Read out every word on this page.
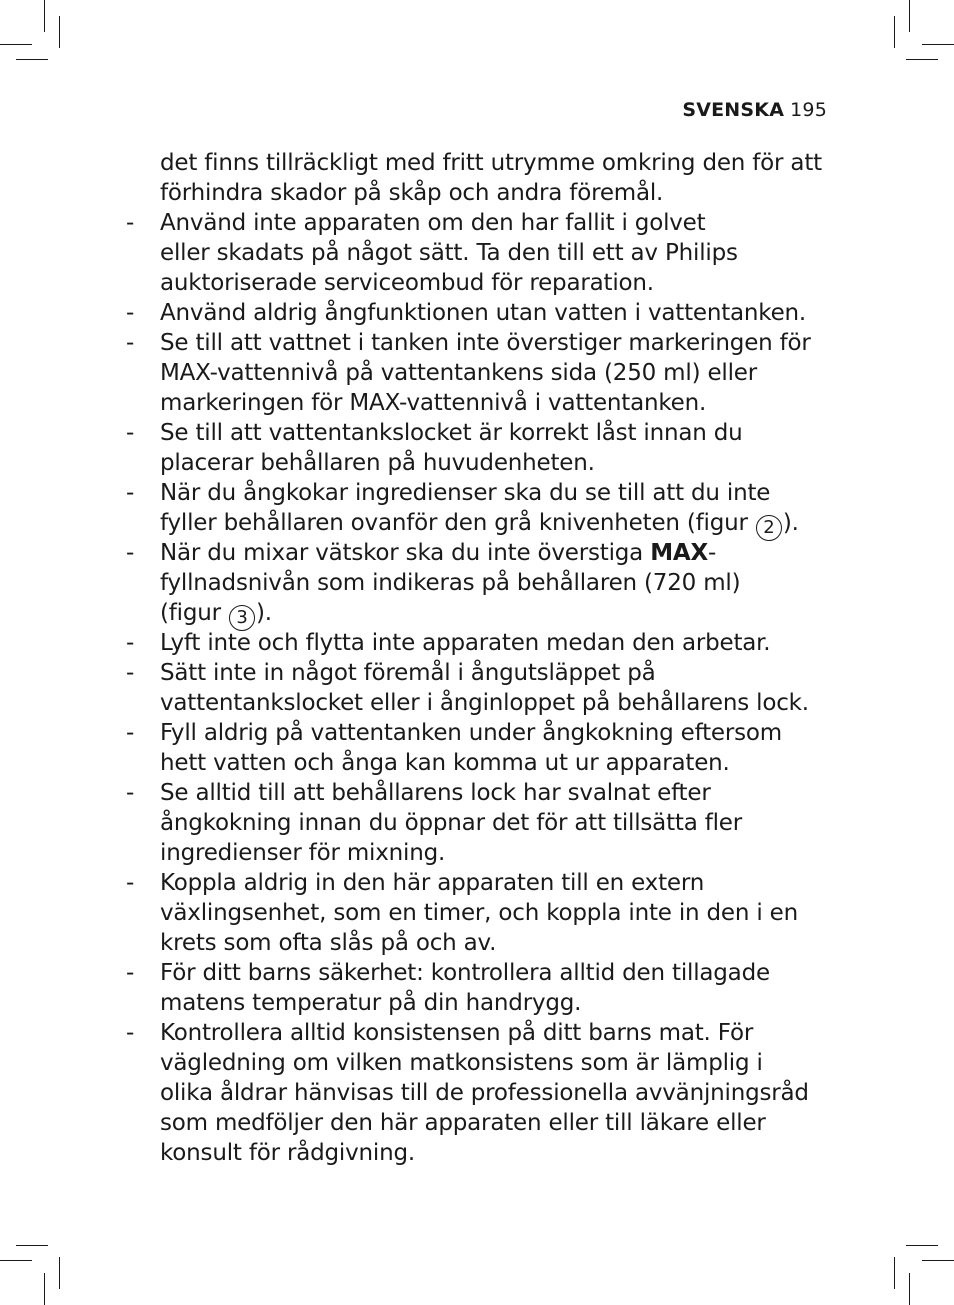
SVENSKA 195
det finns tillräckligt med fritt utrymme omkring den för att
förhindra skador på skåp och andra föremål.
- Använd inte apparaten om den har fallit i golvet
eller skadats på något sätt. Ta den till ett av Philips
auktoriserade serviceombud för reparation.
- Använd aldrig ångfunktionen utan vatten i vattentanken.
- Se till att vattnet i tanken inte överstiger markeringen för
MAX-vattennivå på vattentankens sida (250 ml) eller
markeringen för MAX-vattennivå i vattentanken.
- Se till att vattentankslocket är korrekt låst innan du
placerar behållaren på huvudenheten.
- När du ångkokar ingredienser ska du se till att du inte
fyller behållaren ovanför den grå knivenheten (figur 2 ).
- När du mixar vätskor ska du inte överstiga MAX-
fyllnadsnivån som indikeras på behållaren (720 ml)
(figur 3 ).
- Lyft inte och flytta inte apparaten medan den arbetar.
- Sätt inte in något föremål i ångutsläppet på
vattentankslocket eller i ånginloppet på behållarens lock.
- Fyll aldrig på vattentanken under ångkokning eftersom
hett vatten och ånga kan komma ut ur apparaten.
- Se alltid till att behållarens lock har svalnat efter
ångkokning innan du öppnar det för att tillsätta fler
ingredienser för mixning.
- Koppla aldrig in den här apparaten till en extern
växlingsenhet, som en timer, och koppla inte in den i en
krets som ofta slås på och av.
- För ditt barns säkerhet: kontrollera alltid den tillagade
matens temperatur på din handrygg.
- Kontrollera alltid konsistensen på ditt barns mat. För
vägledning om vilken matkonsistens som är lämplig i
olika åldrar hänvisas till de professionella avvänjningsråd
som medföljer den här apparaten eller till läkare eller
konsult för rådgivning.
